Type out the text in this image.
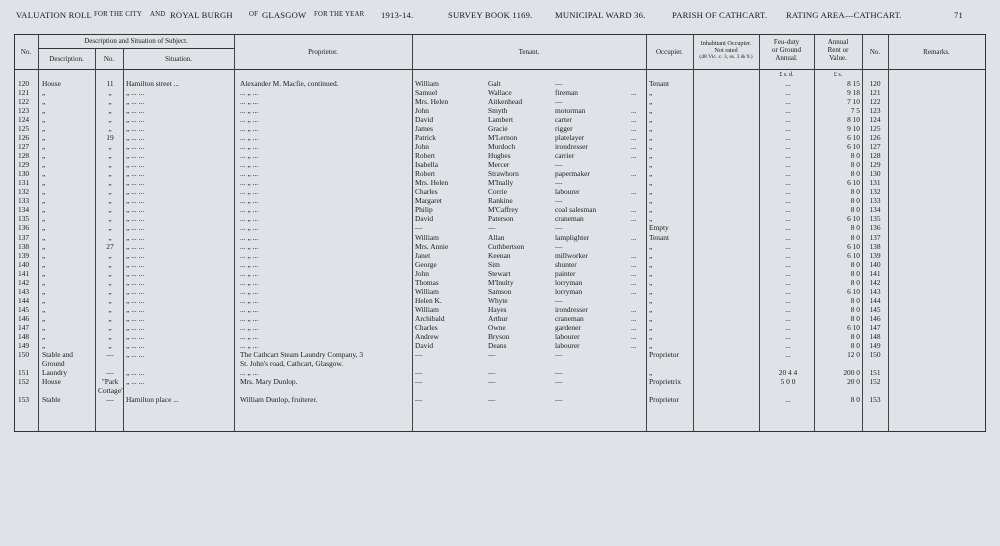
VALUATION ROLL FOR THE CITY AND ROYAL BURGH OF GLASGOW FOR THE YEAR 1913-14.	SURVEY BOOK 1169.	MUNICIPAL WARD 36.	PARISH OF CATHCART. RATING AREA—CATHCART.	71
No.
Description and Situation of Subject.
Description.	No.	Situation.
Proprietor.	Tenant.	Occupier.
Inhabitant Occupier.
Not rated
(48 Vic. c. 3, ss. 3 & 9.)
Feu-duty
or Ground
Annual.
Annual
Rent or
Value.
No.	Remarks.
£ s. d.	£ s.
120	House	11	Hamilton street ...	Alexander M. Macfie, continued.	William	Galt	—	Tenant	...	8 15	120
121	„	„	„ ... ...	... „ ...	Samuel	Wallace	fireman	... „	...	9 18	121
122	„	„	„ ... ...	... „ ...	Mrs. Helen	Aitkenhead	—	„	...	7 10	122
123	„	„	„ ... ...	... „ ...	John	Smyth	motorman	... „	...	7 5	123
124	„	„	„ ... ...	... „ ...	David	Lambert	carter	... „	...	8 10	124
125	„	„	„ ... ...	... „ ...	James	Gracie	rigger	... „	...	9 10	125
126	„	19	„ ... ...	... „ ...	Patrick	M'Lernon	platelayer	... „	...	6 10	126
127	„	„	„ ... ...	... „ ...	John	Murdoch	irondresser	... „	...	6 10	127
128	„	„	„ ... ...	... „ ...	Robert	Hughes	carrier	... „	...	8 0	128
129	„	„	„ ... ...	... „ ...	Isabella	Mercer	—	„	...	8 0	129
130	„	„	„ ... ...	... „ ...	Robert	Strawhorn	papermaker	... „	...	8 0	130
131	„	„	„ ... ...	... „ ...	Mrs. Helen	M'Inally	—	„	...	6 10	131
132	„	„	„ ... ...	... „ ...	Charles	Corrie	labourer	... „	...	8 0	132
133	„	„	„ ... ...	... „ ...	Margaret	Rankine	—	„	...	8 0	133
134	„	„	„ ... ...	... „ ...	Philip	M'Caffrey	coal salesman	... „	...	8 0	134
135	„	„	„ ... ...	... „ ...	David	Paterson	craneman	... „	...	6 10	135
136	„	„	„ ... ...	... „ ...	—	—	—	Empty	...	8 0	136
137	„	„	„ ... ...	... „ ...	William	Allan	lamplighter	... Tenant	...	8 0	137
138	„	27	„ ... ...	... „ ...	Mrs. Annie	Cuthbertson	—	„	...	6 10	138
139	„	„	„ ... ...	... „ ...	Janet	Keenan	millworker	... „	...	6 10	139
140	„	„	„ ... ...	... „ ...	George	Sim	shunter	... „	...	8 0	140
141	„	„	„ ... ...	... „ ...	John	Stewart	painter	... „	...	8 0	141
142	„	„	„ ... ...	... „ ...	Thomas	M'Inulty	lorryman	... „	...	8 0	142
143	„	„	„ ... ...	... „ ...	William	Samson	lorryman	... „	...	6 10	143
144	„	„	„ ... ...	... „ ...	Helen K.	Whyte	—	„	...	8 0	144
145	„	„	„ ... ...	... „ ...	William	Hayes	irondresser	... „	...	8 0	145
146	„	„	„ ... ...	... „ ...	Archibald	Arthur	craneman	... „	...	8 0	146
147	„	„	„ ... ...	... „ ...	Charles	Owne	gardener	... „	...	6 10	147
148	„	„	„ ... ...	... „ ...	Andrew	Bryson	labourer	... „	...	8 0	148
149	„	„	„ ... ...	... „ ...	David	Deans	labourer	... „	...	8 0	149
150	Stable and	—	„ ... ...	The Cathcart Steam Laundry Company, 3	—	—	—	Proprietor	...	12 0	150
Ground	St. John's road, Cathcart, Glasgow.
151	Laundry	—	„ ... ...	... „ ...	—	—	—	„	20 4 4	200 0	151
152	House	"Park	„ ... ...	Mrs. Mary Dunlop.	—	—	—	Proprietrix	5 0 0	20 0	152
Cottage"
153	Stable	—	Hamilton place ...	William Dunlop, fruiterer.	—	—	—	Proprietor	...	8 0	153
